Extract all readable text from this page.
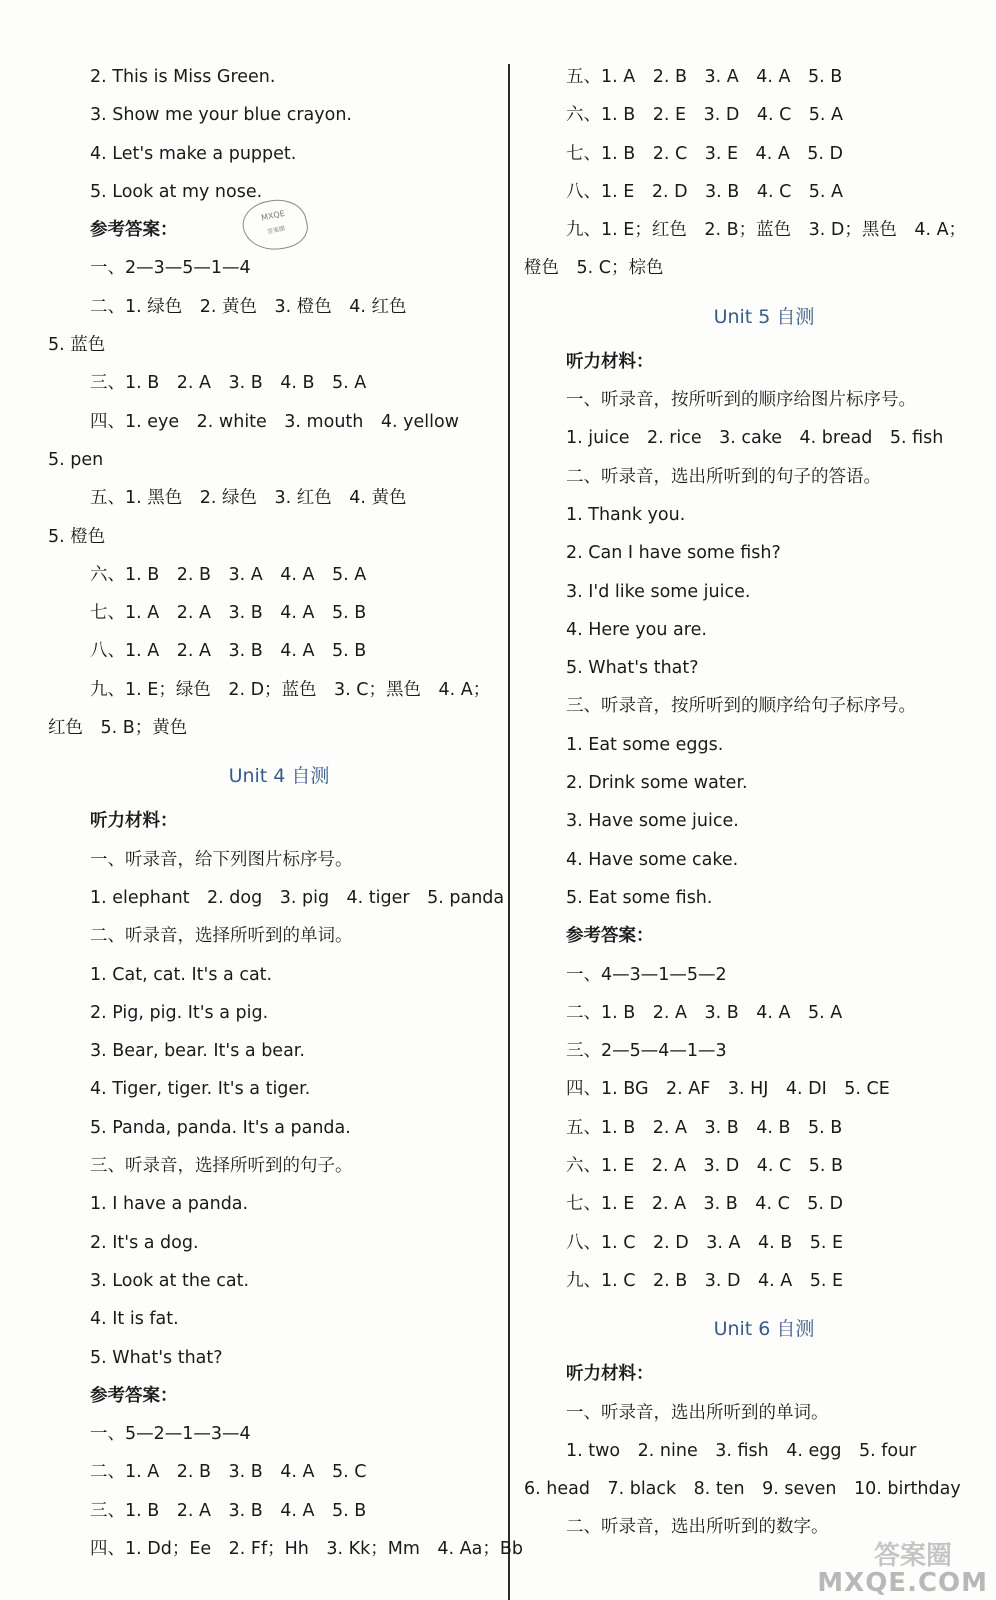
2. This is Miss Green.
3. Show me your blue crayon.
4. Let's make a puppet.
5. Look at my nose.
参考答案：
一、2—3—5—1—4
二、1. 绿色　2. 黄色　3. 橙色　4. 红色
5. 蓝色
三、1. B　2. A　3. B　4. B　5. A
四、1. eye　2. white　3. mouth　4. yellow
5. pen
五、1. 黑色　2. 绿色　3. 红色　4. 黄色
5. 橙色
六、1. B　2. B　3. A　4. A　5. A
七、1. A　2. A　3. B　4. A　5. B
八、1. A　2. A　3. B　4. A　5. B
九、1. E；绿色　2. D；蓝色　3. C；黑色　4. A；
红色　5. B；黄色
Unit 4 自测
听力材料：
一、听录音，给下列图片标序号。
1. elephant　2. dog　3. pig　4. tiger　5. panda
二、听录音，选择所听到的单词。
1. Cat, cat. It's a cat.
2. Pig, pig. It's a pig.
3. Bear, bear. It's a bear.
4. Tiger, tiger. It's a tiger.
5. Panda, panda. It's a panda.
三、听录音，选择所听到的句子。
1. I have a panda.
2. It's a dog.
3. Look at the cat.
4. It is fat.
5. What's that?
参考答案：
一、5—2—1—3—4
二、1. A　2. B　3. B　4. A　5. C
三、1. B　2. A　3. B　4. A　5. B
四、1. Dd；Ee　2. Ff；Hh　3. Kk；Mm　4. Aa；Bb
MXQE
答案圈
五、1. A　2. B　3. A　4. A　5. B
六、1. B　2. E　3. D　4. C　5. A
七、1. B　2. C　3. E　4. A　5. D
八、1. E　2. D　3. B　4. C　5. A
九、1. E；红色　2. B；蓝色　3. D；黑色　4. A；
橙色　5. C；棕色
Unit 5 自测
听力材料：
一、听录音，按所听到的顺序给图片标序号。
1. juice　2. rice　3. cake　4. bread　5. fish
二、听录音，选出所听到的句子的答语。
1. Thank you.
2. Can I have some fish?
3. I'd like some juice.
4. Here you are.
5. What's that?
三、听录音，按所听到的顺序给句子标序号。
1. Eat some eggs.
2. Drink some water.
3. Have some juice.
4. Have some cake.
5. Eat some fish.
参考答案：
一、4—3—1—5—2
二、1. B　2. A　3. B　4. A　5. A
三、2—5—4—1—3
四、1. BG　2. AF　3. HJ　4. DI　5. CE
五、1. B　2. A　3. B　4. B　5. B
六、1. E　2. A　3. D　4. C　5. B
七、1. E　2. A　3. B　4. C　5. D
八、1. C　2. D　3. A　4. B　5. E
九、1. C　2. B　3. D　4. A　5. E
Unit 6 自测
听力材料：
一、听录音，选出所听到的单词。
1. two　2. nine　3. fish　4. egg　5. four
6. head　7. black　8. ten　9. seven　10. birthday
二、听录音，选出所听到的数字。
答案圈
MXQE.COM
